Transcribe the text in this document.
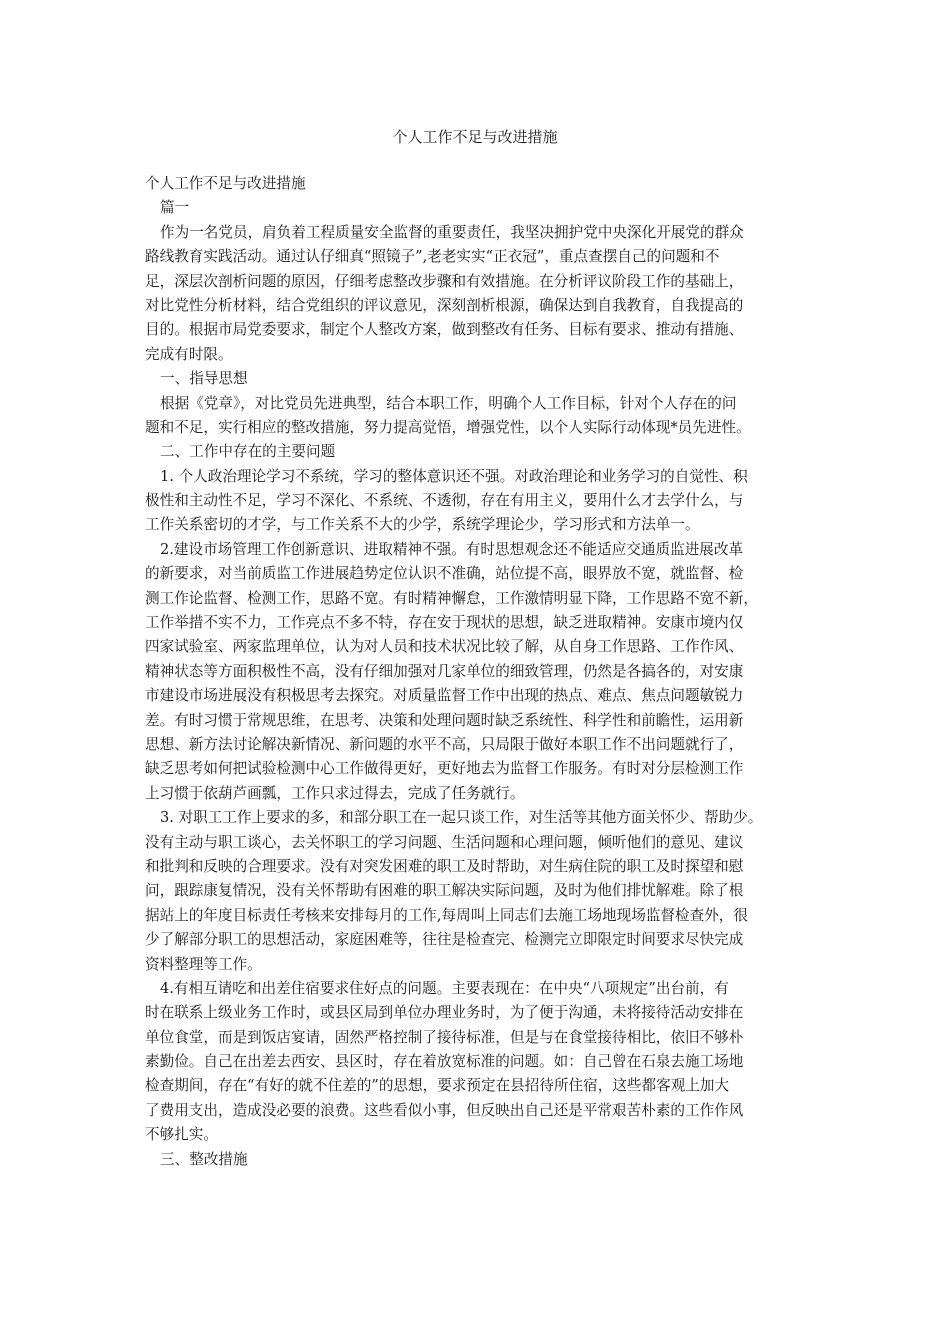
个人工作不足与改进措施
个人工作不足与改进措施
篇一
作为一名党员，肩负着工程质量安全监督的重要责任，我坚决拥护党中央深化开展党的群众
路线教育实践活动。通过认仔细真“照镜子”,老老实实“正衣冠”，重点查摆自己的问题和不
足，深层次剖析问题的原因，仔细考虑整改步骤和有效措施。在分析评议阶段工作的基础上，
对比党性分析材料，结合党组织的评议意见，深刻剖析根源，确保达到自我教育，自我提高的
目的。根据市局党委要求，制定个人整改方案，做到整改有任务、目标有要求、推动有措施、
完成有时限。
一、指导思想
根据《党章》，对比党员先进典型，结合本职工作，明确个人工作目标，针对个人存在的问
题和不足，实行相应的整改措施，努力提高觉悟，增强党性，以个人实际行动体现*员先进性。
二、工作中存在的主要问题
1. 个人政治理论学习不系统，学习的整体意识还不强。对政治理论和业务学习的自觉性、积
极性和主动性不足，学习不深化、不系统、不透彻，存在有用主义，要用什么才去学什么，与
工作关系密切的才学，与工作关系不大的少学，系统学理论少，学习形式和方法单一。
2.建设市场管理工作创新意识、进取精神不强。有时思想观念还不能适应交通质监进展改革
的新要求，对当前质监工作进展趋势定位认识不准确，站位提不高，眼界放不宽，就监督、检
测工作论监督、检测工作，思路不宽。有时精神懈怠，工作激情明显下降，工作思路不宽不新，
工作举措不实不力，工作亮点不多不特，存在安于现状的思想，缺乏进取精神。安康市境内仅
四家试验室、两家监理单位，认为对人员和技术状况比较了解，从自身工作思路、工作作风、
精神状态等方面积极性不高，没有仔细加强对几家单位的细致管理，仍然是各搞各的，对安康
市建设市场进展没有积极思考去探究。对质量监督工作中出现的热点、难点、焦点问题敏锐力
差。有时习惯于常规思维，在思考、决策和处理问题时缺乏系统性、科学性和前瞻性，运用新
思想、新方法讨论解决新情况、新问题的水平不高，只局限于做好本职工作不出问题就行了，
缺乏思考如何把试验检测中心工作做得更好，更好地去为监督工作服务。有时对分层检测工作
上习惯于依葫芦画瓢，工作只求过得去，完成了任务就行。
3. 对职工工作上要求的多，和部分职工在一起只谈工作，对生活等其他方面关怀少、帮助少。
没有主动与职工谈心，去关怀职工的学习问题、生活问题和心理问题，倾听他们的意见、建议
和批判和反映的合理要求。没有对突发困难的职工及时帮助，对生病住院的职工及时探望和慰
问，跟踪康复情况，没有关怀帮助有困难的职工解决实际问题，及时为他们排忧解难。除了根
据站上的年度目标责任考核来安排每月的工作,每周叫上同志们去施工场地现场监督检查外，很
少了解部分职工的思想活动，家庭困难等，往往是检查完、检测完立即限定时间要求尽快完成
资料整理等工作。
4.有相互请吃和出差住宿要求住好点的问题。主要表现在：在中央“八项规定”出台前，有
时在联系上级业务工作时，或县区局到单位办理业务时，为了便于沟通，未将接待活动安排在
单位食堂，而是到饭店宴请，固然严格控制了接待标准，但是与在食堂接待相比，依旧不够朴
素勤俭。自己在出差去西安、县区时，存在着放宽标准的问题。如：自己曾在石泉去施工场地
检查期间，存在“有好的就不住差的”的思想，要求预定在县招待所住宿，这些都客观上加大
了费用支出，造成没必要的浪费。这些看似小事，但反映出自己还是平常艰苦朴素的工作作风
不够扎实。
三、整改措施
